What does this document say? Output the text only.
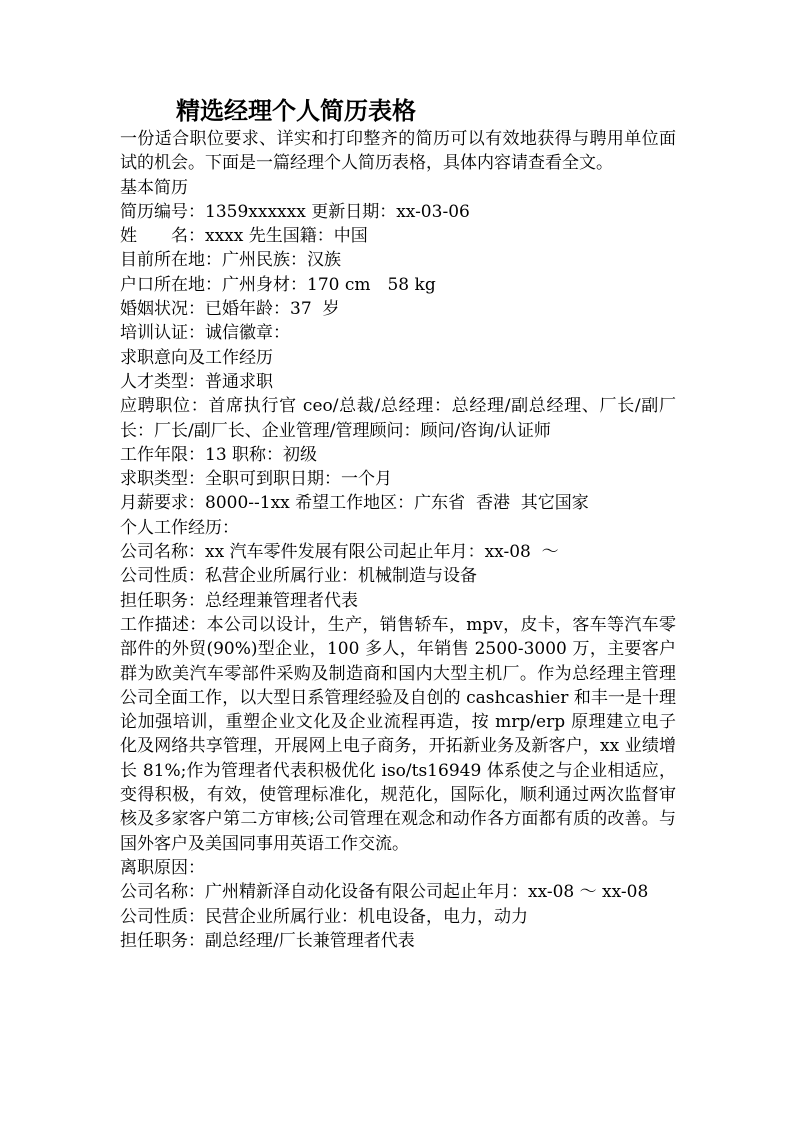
精选经理个人简历表格

一份适合职位要求、详实和打印整齐的简历可以有效地获得与聘用单位面试的机会。下面是一篇经理个人简历表格，具体内容请查看全文。

基本简历

简历编号：1359xxxxxx 更新日期：xx-03-06

姓　　名：xxxx 先生国籍：中国

目前所在地：广州民族：汉族

户口所在地：广州身材：170 cm　58 kg

婚姻状况：已婚年龄：37  岁

培训认证：诚信徽章：

求职意向及工作经历

人才类型：普通求职

应聘职位：首席执行官 ceo/总裁/总经理：总经理/副总经理、厂长/副厂长：厂长/副厂长、企业管理/管理顾问：顾问/咨询/认证师

工作年限：13 职称：初级

求职类型：全职可到职日期：一个月

月薪要求：8000--1xx 希望工作地区：广东省  香港  其它国家

个人工作经历：

公司名称：xx 汽车零件发展有限公司起止年月：xx-08  ～

公司性质：私营企业所属行业：机械制造与设备

担任职务：总经理兼管理者代表

工作描述：本公司以设计，生产，销售轿车，mpv，皮卡，客车等汽车零部件的外贸(90%)型企业，100 多人，年销售 2500-3000 万，主要客户群为欧美汽车零部件采购及制造商和国内大型主机厂。作为总经理主管理公司全面工作，以大型日系管理经验及自创的 cashcashier 和丰一是十理论加强培训，重塑企业文化及企业流程再造，按 mrp/erp 原理建立电子化及网络共享管理，开展网上电子商务，开拓新业务及新客户，xx 业绩增长 81%;作为管理者代表积极优化 iso/ts16949 体系使之与企业相适应，变得积极，有效，使管理标准化，规范化，国际化，顺利通过两次监督审核及多家客户第二方审核;公司管理在观念和动作各方面都有质的改善。与国外客户及美国同事用英语工作交流。

离职原因：

公司名称：广州精新泽自动化设备有限公司起止年月：xx-08 ～ xx-08

公司性质：民营企业所属行业：机电设备，电力，动力

担任职务：副总经理/厂长兼管理者代表
